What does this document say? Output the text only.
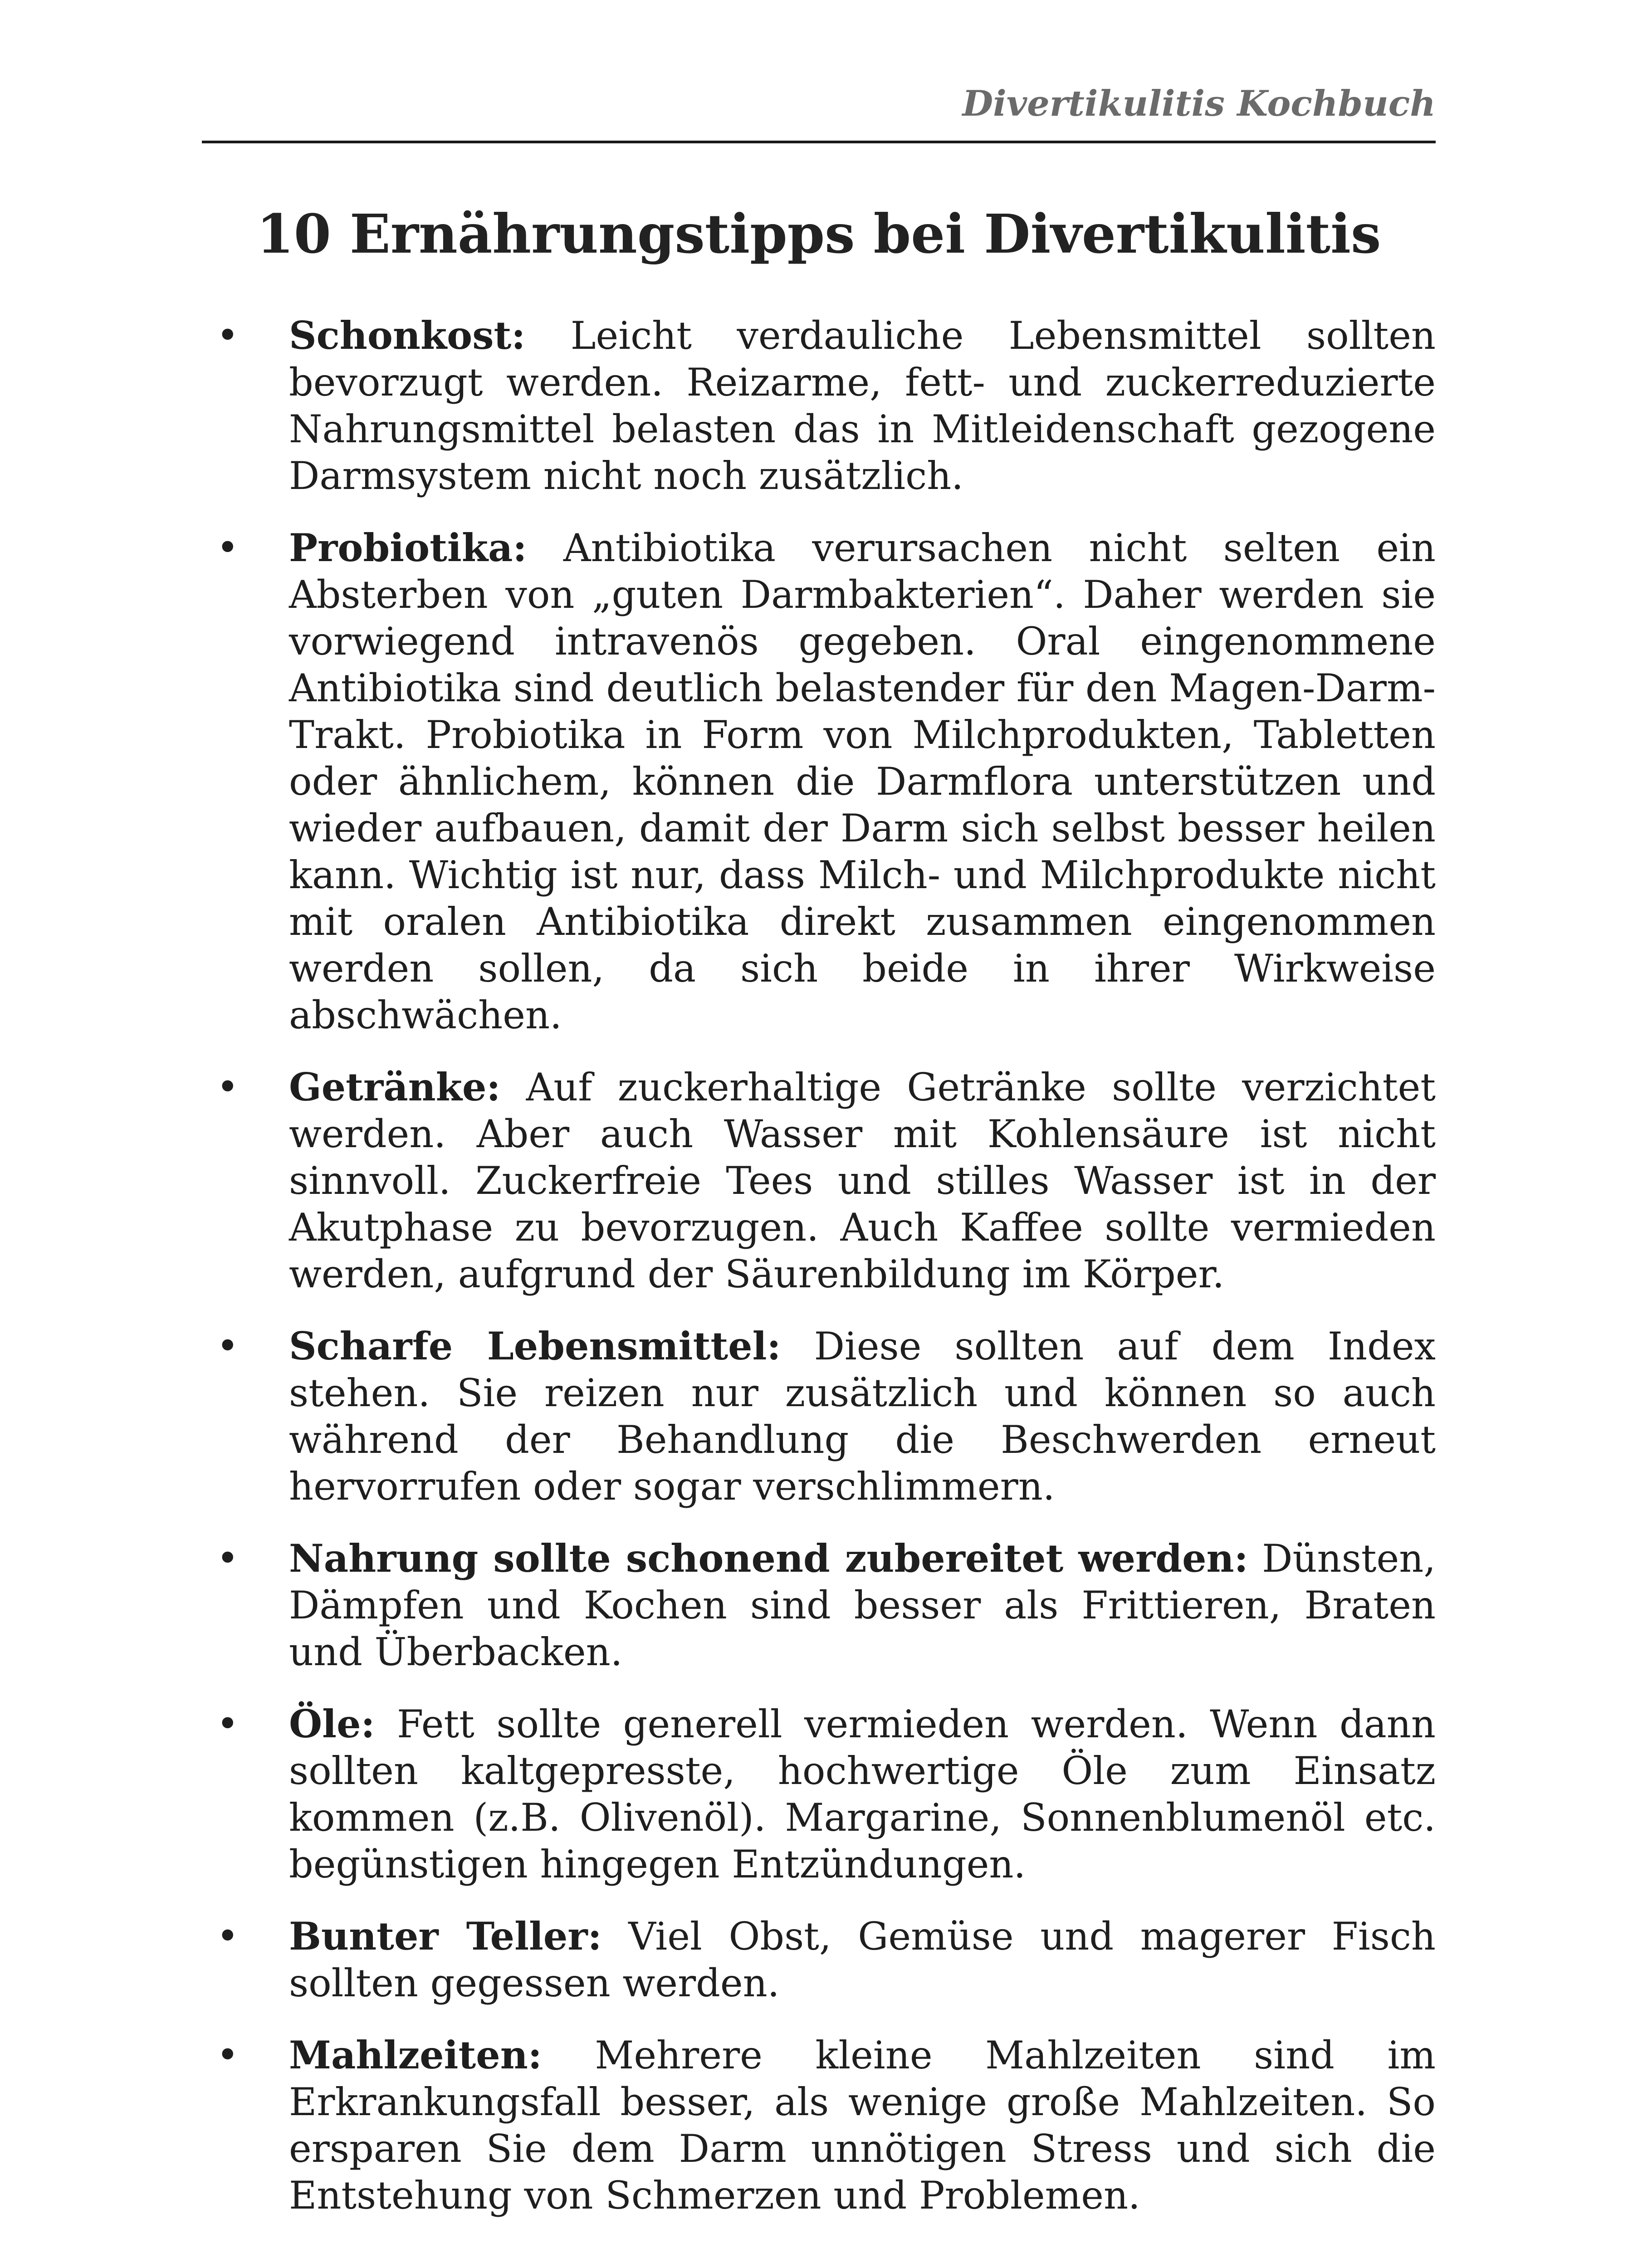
Divertikulitis Kochbuch
10 Ernährungstipps bei Divertikulitis
• Schonkost: Leicht verdauliche Lebensmittel sollten bevorzugt werden. Reizarme, fett- und zuckerreduzierte Nahrungsmittel belasten das in Mitleidenschaft gezogene Darmsystem nicht noch zusätzlich.
• Probiotika: Antibiotika verursachen nicht selten ein Absterben von „guten Darmbakterien“. Daher werden sie vorwiegend intravenös gegeben. Oral eingenommene Antibiotika sind deutlich belastender für den Magen-Darm-Trakt. Probiotika in Form von Milchprodukten, Tabletten oder ähnlichem, können die Darmflora unterstützen und wieder aufbauen, damit der Darm sich selbst besser heilen kann. Wichtig ist nur, dass Milch- und Milchprodukte nicht mit oralen Antibiotika direkt zusammen eingenommen werden sollen, da sich beide in ihrer Wirkweise abschwächen.
• Getränke: Auf zuckerhaltige Getränke sollte verzichtet werden. Aber auch Wasser mit Kohlensäure ist nicht sinnvoll. Zuckerfreie Tees und stilles Wasser ist in der Akutphase zu bevorzugen. Auch Kaffee sollte vermieden werden, aufgrund der Säurenbildung im Körper.
• Scharfe Lebensmittel: Diese sollten auf dem Index stehen. Sie reizen nur zusätzlich und können so auch während der Behandlung die Beschwerden erneut hervorrufen oder sogar verschlimmern.
• Nahrung sollte schonend zubereitet werden: Dünsten, Dämpfen und Kochen sind besser als Frittieren, Braten und Überbacken.
• Öle: Fett sollte generell vermieden werden. Wenn dann sollten kaltgepresste, hochwertige Öle zum Einsatz kommen (z.B. Olivenöl). Margarine, Sonnenblumenöl etc. begünstigen hingegen Entzündungen.
• Bunter Teller: Viel Obst, Gemüse und magerer Fisch sollten gegessen werden.
• Mahlzeiten: Mehrere kleine Mahlzeiten sind im Erkrankungsfall besser, als wenige große Mahlzeiten. So ersparen Sie dem Darm unnötigen Stress und sich die Entstehung von Schmerzen und Problemen.
